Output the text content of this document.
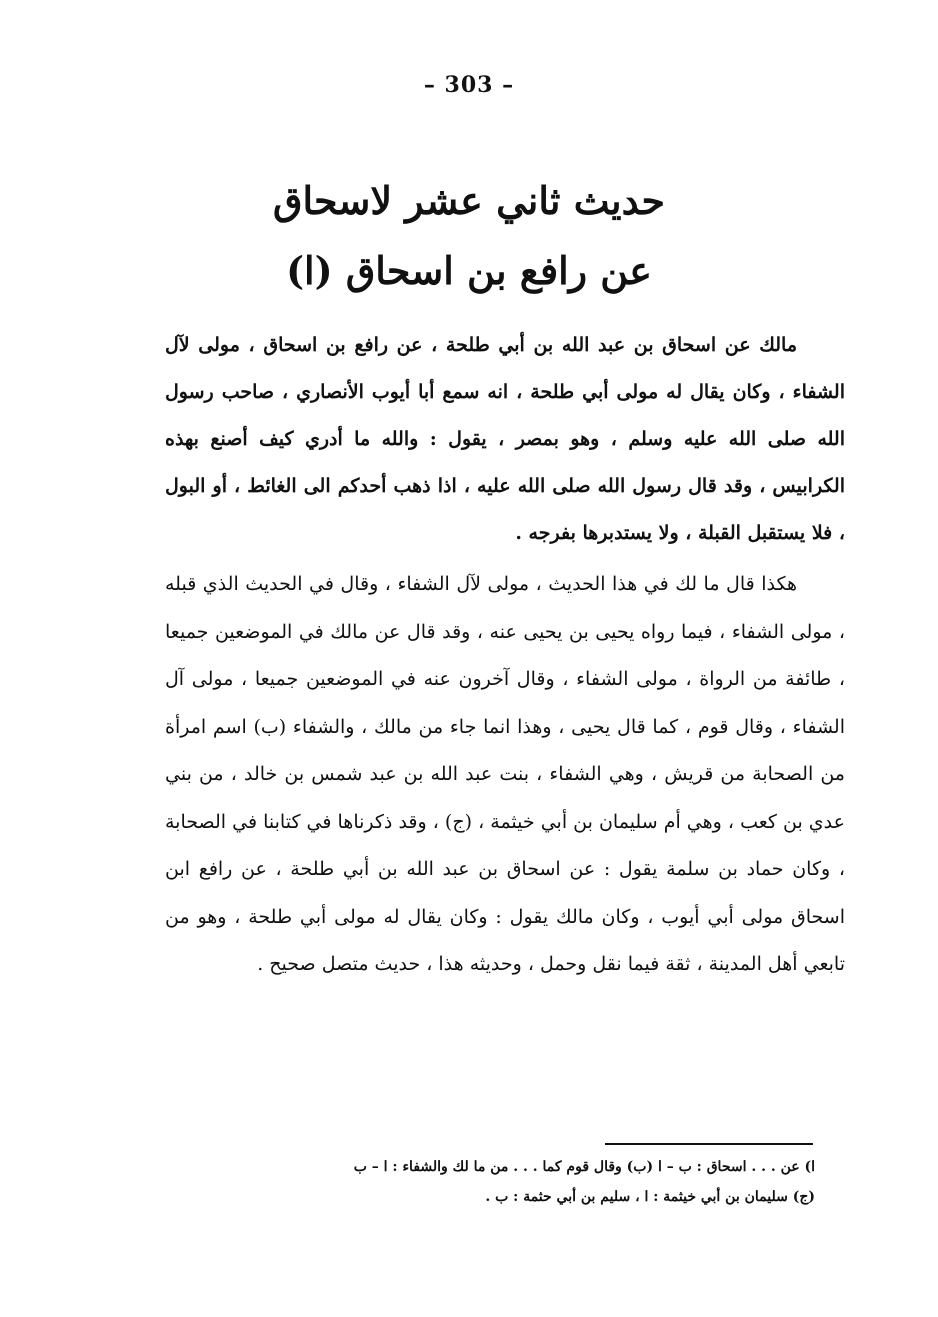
– 303 –
حديث ثاني عشر لاسحاق
عن رافع بن اسحاق (ا)

مالك عن اسحاق بن عبد الله بن أبي طلحة ، عن رافع بن اسحاق ، مولى لآل الشفاء ، وكان يقال له مولى أبي طلحة ، انه سمع أبا أيوب الأنصاري ، صاحب رسول الله صلى الله عليه وسلم ، وهو بمصر ، يقول : والله ما أدري كيف أصنع بهذه الكرابيس ، وقد قال رسول الله صلى الله عليه ، اذا ذهب أحدكم الى الغائط ، أو البول ، فلا يستقبل القبلة ، ولا يستدبرها بفرجه .

هكذا قال ما لك في هذا الحديث ، مولى لآل الشفاء ، وقال في الحديث الذي قبله ، مولى الشفاء ، فيما رواه يحيى بن يحيى عنه ، وقد قال عن مالك في الموضعين جميعا ، طائفة من الرواة ، مولى الشفاء ، وقال آخرون عنه في الموضعين جميعا ، مولى آل الشفاء ، وقال قوم ، كما قال يحيى ، وهذا انما جاء من مالك ، والشفاء (ب) اسم امرأة من الصحابة من قريش ، وهي الشفاء ، بنت عبد الله بن عبد شمس بن خالد ، من بني عدي بن كعب ، وهي أم سليمان بن أبي خيثمة ، (ج) ، وقد ذكرناها في كتابنا في الصحابة ، وكان حماد بن سلمة يقول : عن اسحاق بن عبد الله بن أبي طلحة ، عن رافع ابن اسحاق مولى أبي أيوب ، وكان مالك يقول : وكان يقال له مولى أبي طلحة ، وهو من تابعي أهل المدينة ، ثقة فيما نقل وحمل ، وحديثه هذا ، حديث متصل صحيح .

ا) عن . . . اسحاق : ب – ا (ب) وقال قوم كما . . . من ما لك والشفاء : ا – ب

(ج) سليمان بن أبي خيثمة : ا ، سليم بن أبي حثمة : ب .
